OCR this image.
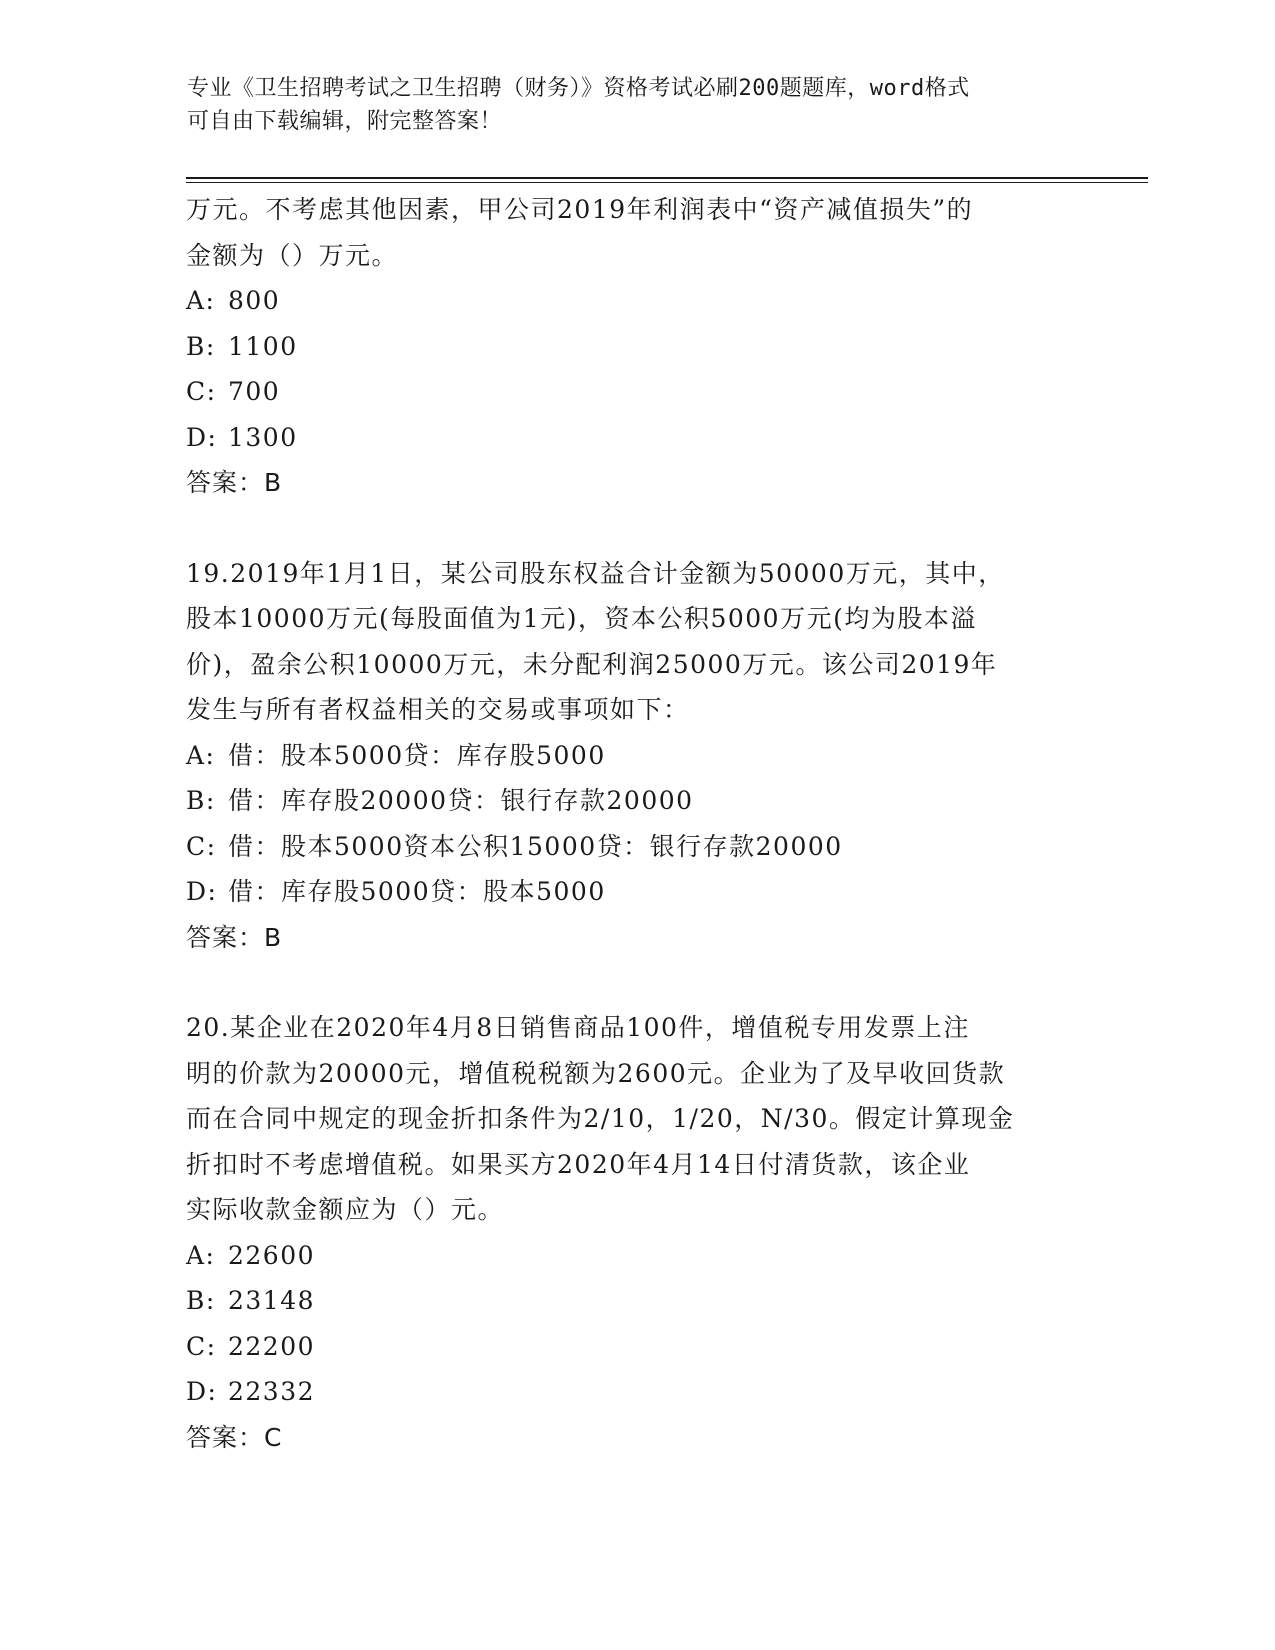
专业《卫生招聘考试之卫生招聘（财务）》资格考试必刷200题题库，word格式
可自由下载编辑，附完整答案！

万元。不考虑其他因素，甲公司2019年利润表中“资产减值损失”的

金额为（）万元。

A: 800

B: 1100

C: 700

D: 1300

答案：B

19.2019年1月1日，某公司股东权益合计金额为50000万元，其中，

股本10000万元(每股面值为1元)，资本公积5000万元(均为股本溢

价)，盈余公积10000万元，未分配利润25000万元。该公司2019年

发生与所有者权益相关的交易或事项如下：

A: 借：股本5000贷：库存股5000

B: 借：库存股20000贷：银行存款20000

C: 借：股本5000资本公积15000贷：银行存款20000

D: 借：库存股5000贷：股本5000

答案：B

20.某企业在2020年4月8日销售商品100件，增值税专用发票上注

明的价款为20000元，增值税税额为2600元。企业为了及早收回货款

而在合同中规定的现金折扣条件为2/10，1/20，N/30。假定计算现金

折扣时不考虑增值税。如果买方2020年4月14日付清货款，该企业

实际收款金额应为（）元。

A: 22600

B: 23148

C: 22200

D: 22332

答案：C
